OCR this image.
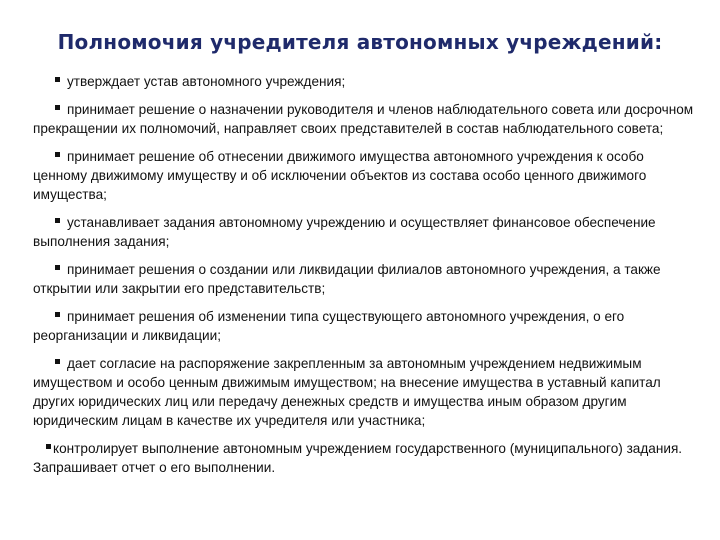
Полномочия учредителя автономных учреждений:
утверждает устав автономного учреждения;
принимает решение о назначении руководителя и членов наблюдательного совета или досрочном прекращении их полномочий, направляет своих представителей в состав наблюдательного совета;
принимает решение об отнесении движимого имущества автономного учреждения к особо ценному движимому имуществу и об исключении объектов из состава особо ценного движимого имущества;
устанавливает задания автономному учреждению и осуществляет финансовое обеспечение выполнения задания;
принимает решения о создании или ликвидации филиалов автономного учреждения, а также открытии или закрытии его представительств;
принимает решения об изменении типа существующего автономного учреждения, о его реорганизации и ликвидации;
дает согласие на распоряжение закрепленным за автономным учреждением недвижимым имуществом и особо ценным движимым имуществом; на внесение имущества в уставный капитал других юридических лиц или передачу денежных средств и имущества иным образом другим юридическим лицам в качестве их учредителя или участника;
контролирует выполнение автономным учреждением государственного (муниципального) задания. Запрашивает отчет о его выполнении.
